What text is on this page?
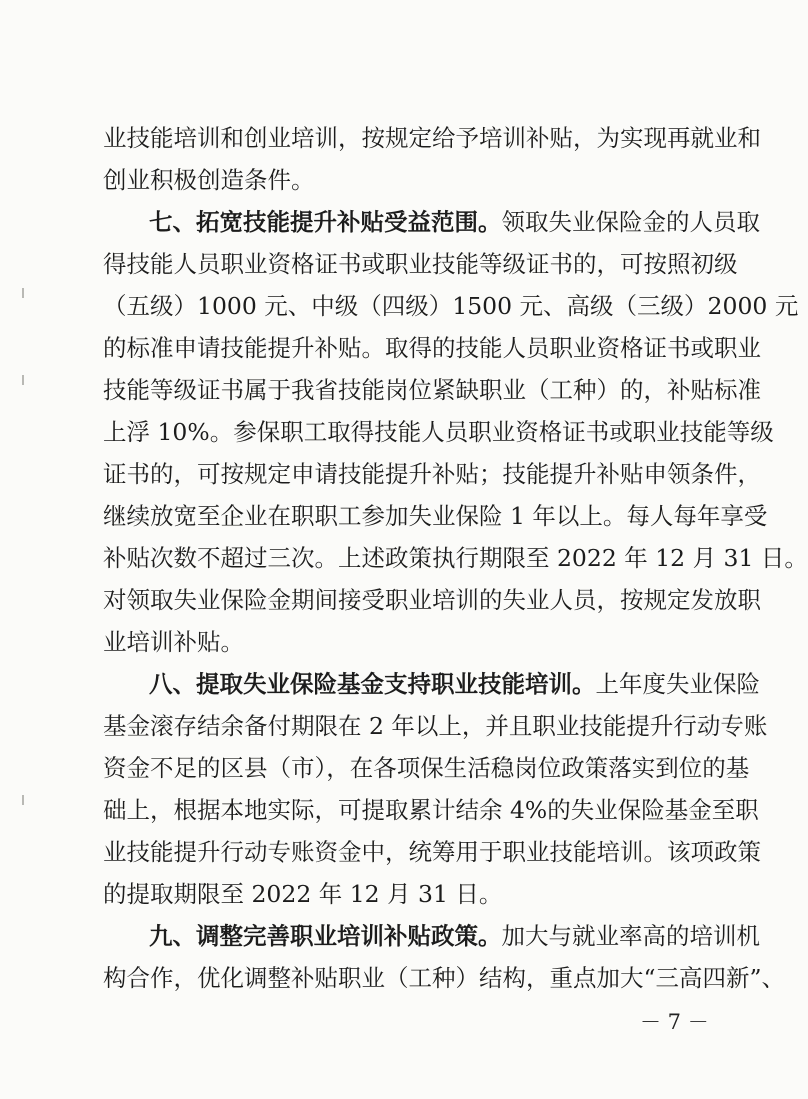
业技能培训和创业培训，按规定给予培训补贴，为实现再就业和
创业积极创造条件。
七、拓宽技能提升补贴受益范围。领取失业保险金的人员取
得技能人员职业资格证书或职业技能等级证书的，可按照初级
（五级）1000 元、中级（四级）1500 元、高级（三级）2000 元
的标准申请技能提升补贴。取得的技能人员职业资格证书或职业
技能等级证书属于我省技能岗位紧缺职业（工种）的，补贴标准
上浮 10%。参保职工取得技能人员职业资格证书或职业技能等级
证书的，可按规定申请技能提升补贴；技能提升补贴申领条件，
继续放宽至企业在职职工参加失业保险 1 年以上。每人每年享受
补贴次数不超过三次。上述政策执行期限至 2022 年 12 月 31 日。
对领取失业保险金期间接受职业培训的失业人员，按规定发放职
业培训补贴。
八、提取失业保险基金支持职业技能培训。上年度失业保险
基金滚存结余备付期限在 2 年以上，并且职业技能提升行动专账
资金不足的区县（市），在各项保生活稳岗位政策落实到位的基
础上，根据本地实际，可提取累计结余 4%的失业保险基金至职
业技能提升行动专账资金中，统筹用于职业技能培训。该项政策
的提取期限至 2022 年 12 月 31 日。
九、调整完善职业培训补贴政策。加大与就业率高的培训机
构合作，优化调整补贴职业（工种）结构，重点加大“三高四新”、
－ 7 －
